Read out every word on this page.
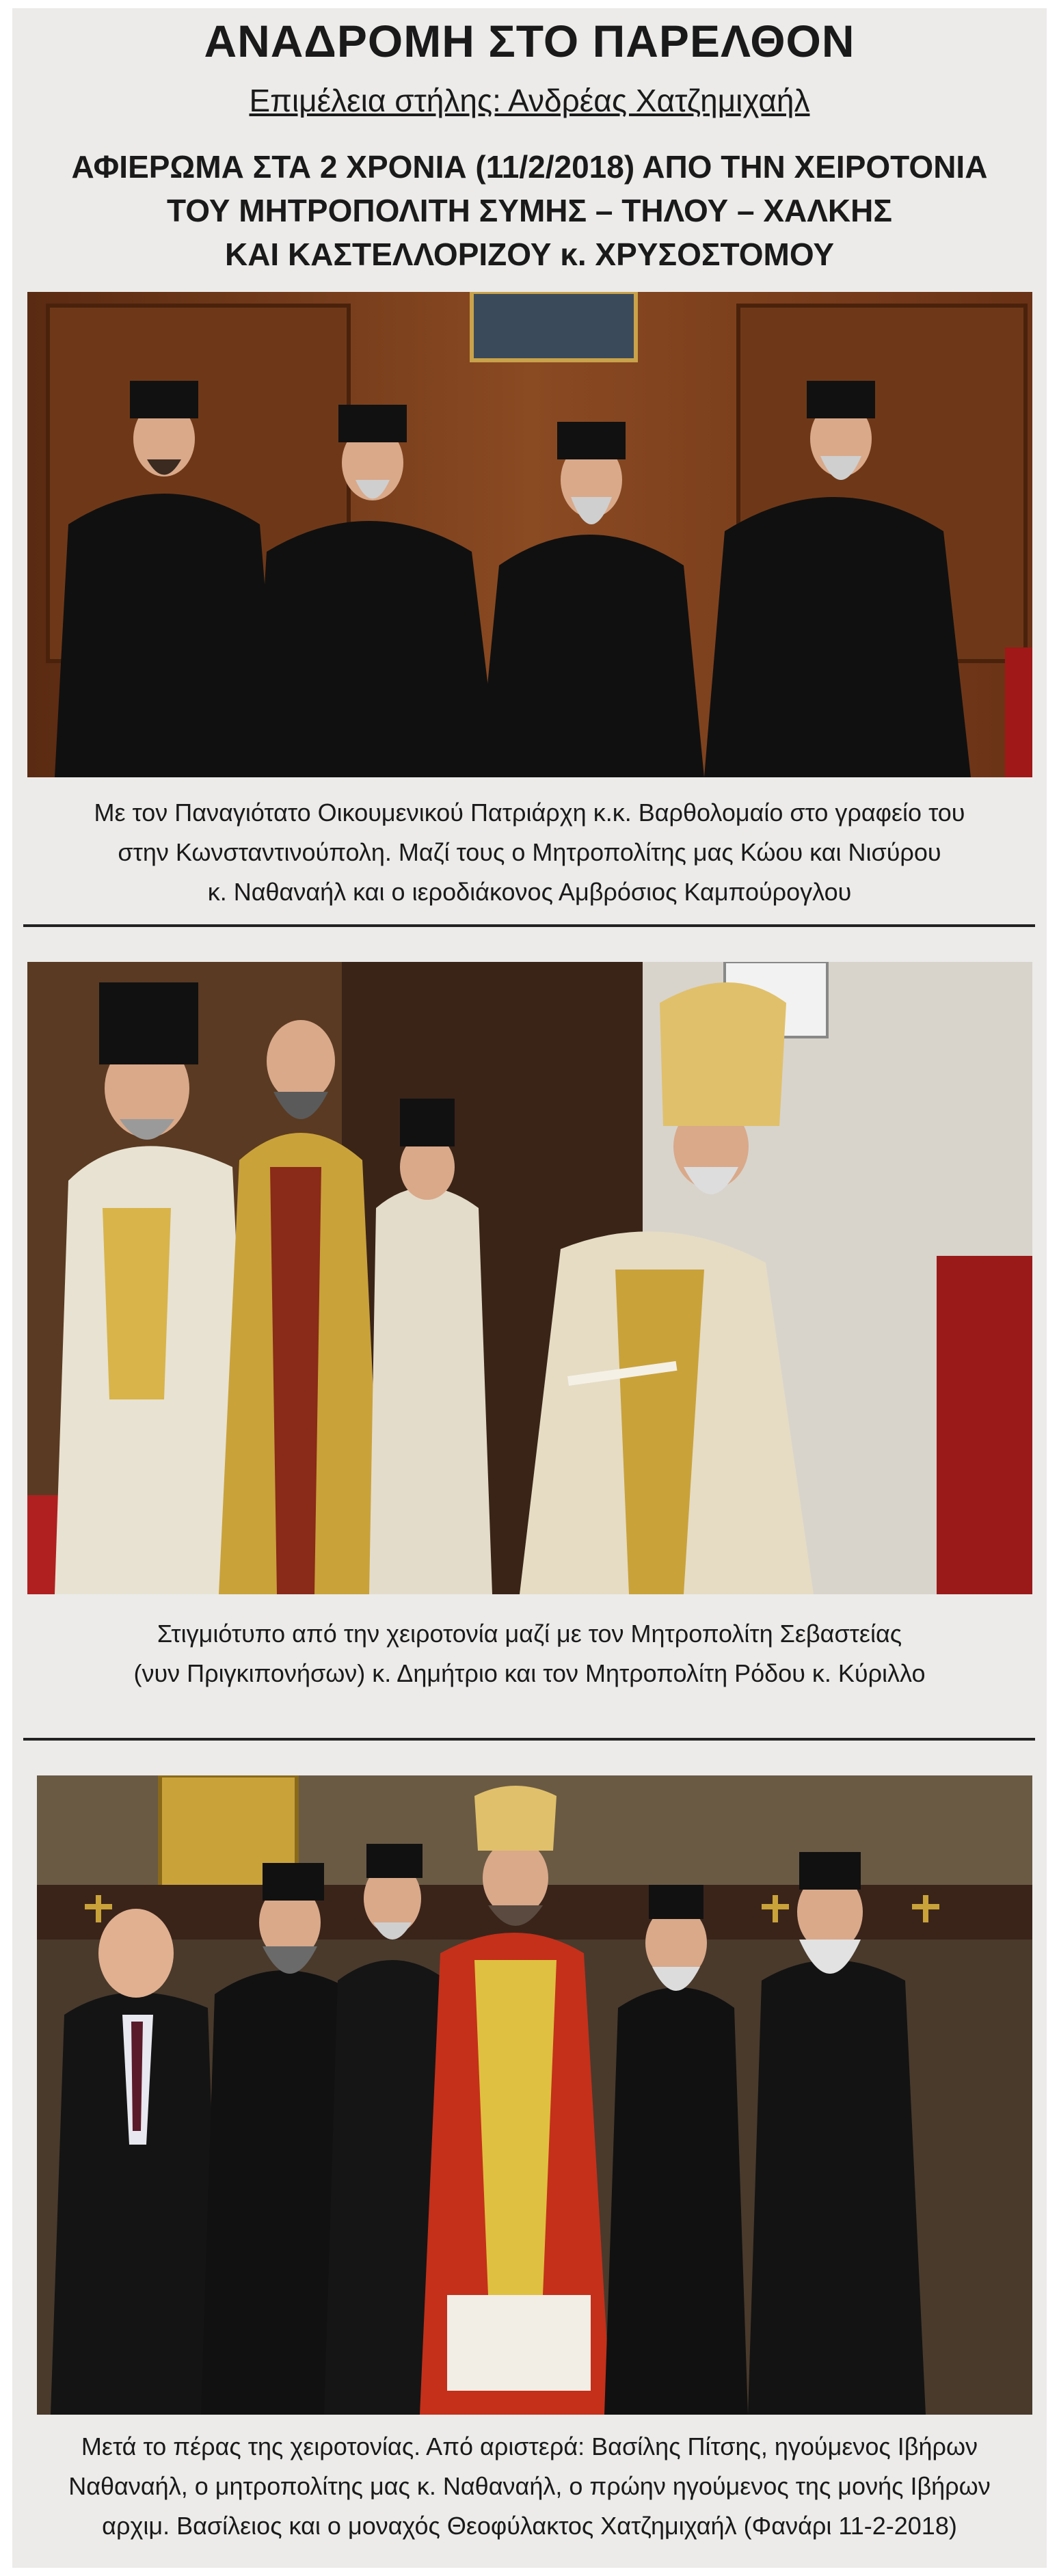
ΑΝΑΔΡΟΜΗ ΣΤΟ ΠΑΡΕΛΘΟΝ
Επιμέλεια στήλης: Ανδρέας Χατζημιχαήλ
ΑΦΙΕΡΩΜΑ ΣΤΑ 2 ΧΡΟΝΙΑ (11/2/2018) ΑΠΟ ΤΗΝ ΧΕΙΡΟΤΟΝΙΑ
ΤΟΥ ΜΗΤΡΟΠΟΛΙΤΗ ΣΥΜΗΣ – ΤΗΛΟΥ – ΧΑΛΚΗΣ
ΚΑΙ ΚΑΣΤΕΛΛΟΡΙΖΟΥ κ. ΧΡΥΣΟΣΤΟΜΟΥ
Με τον Παναγιότατο Οικουμενικού Πατριάρχη κ.κ. Βαρθολομαίο στο γραφείο του
στην Κωνσταντινούπολη. Μαζί τους ο Μητροπολίτης μας Κώου και Νισύρου
κ. Ναθαναήλ και ο ιεροδιάκονος Αμβρόσιος Καμπούρογλου
Στιγμιότυπο από την χειροτονία μαζί με τον Μητροπολίτη Σεβαστείας
(νυν Πριγκιπονήσων) κ. Δημήτριο και τον Μητροπολίτη Ρόδου κ. Κύριλλο
Μετά το πέρας της χειροτονίας. Από αριστερά: Βασίλης Πίτσης, ηγούμενος Ιβήρων
Ναθαναήλ, ο μητροπολίτης μας κ. Ναθαναήλ, ο πρώην ηγούμενος της μονής Ιβήρων
αρχιμ. Βασίλειος και ο μοναχός Θεοφύλακτος Χατζημιχαήλ (Φανάρι 11-2-2018)
